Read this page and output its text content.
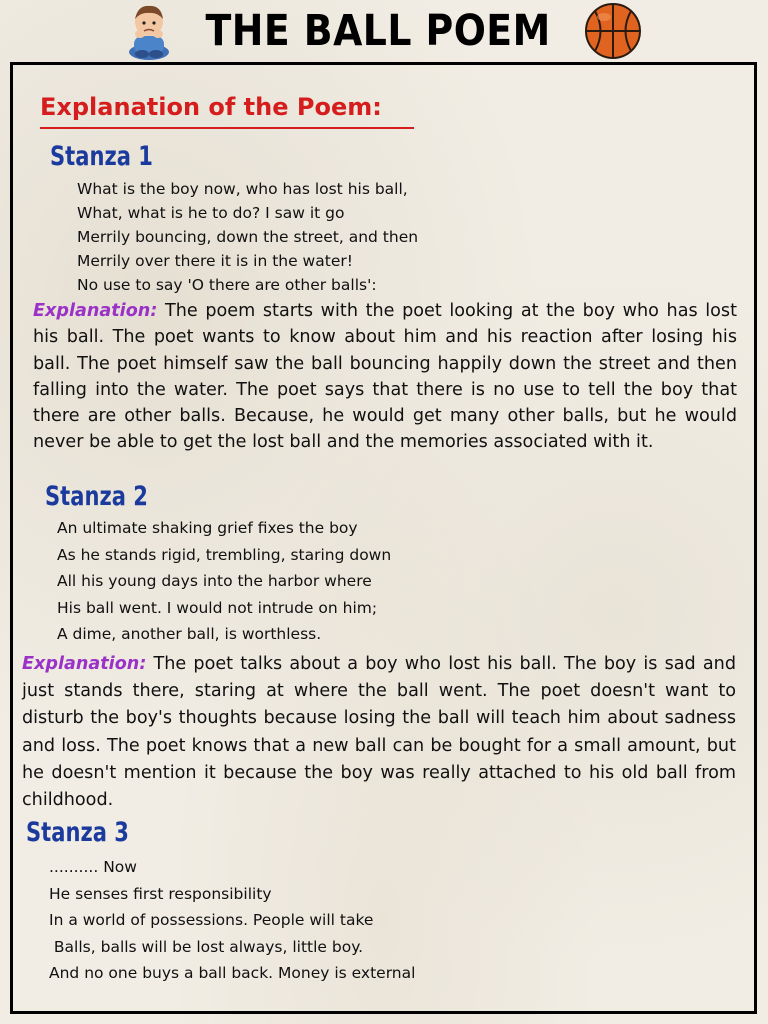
THE BALL POEM
Explanation of the Poem:
Stanza 1
What is the boy now, who has lost his ball,
What, what is he to do? I saw it go
Merrily bouncing, down the street, and then
Merrily over there it is in the water!
No use to say 'O there are other balls':

Explanation: The poem starts with the poet looking at the boy who has lost his ball. The poet wants to know about him and his reaction after losing his ball. The poet himself saw the ball bouncing happily down the street and then falling into the water. The poet says that there is no use to tell the boy that there are other balls. Because, he would get many other balls, but he would never be able to get the lost ball and the memories associated with it.

Stanza 2
An ultimate shaking grief fixes the boy
As he stands rigid, trembling, staring down
All his young days into the harbor where
His ball went. I would not intrude on him;
A dime, another ball, is worthless.

Explanation: The poet talks about a boy who lost his ball. The boy is sad and just stands there, staring at where the ball went. The poet doesn't want to disturb the boy's thoughts because losing the ball will teach him about sadness and loss. The poet knows that a new ball can be bought for a small amount, but he doesn't mention it because the boy was really attached to his old ball from childhood.

Stanza 3
.......... Now
He senses first responsibility
In a world of possessions. People will take
Balls, balls will be lost always, little boy.
And no one buys a ball back. Money is external
